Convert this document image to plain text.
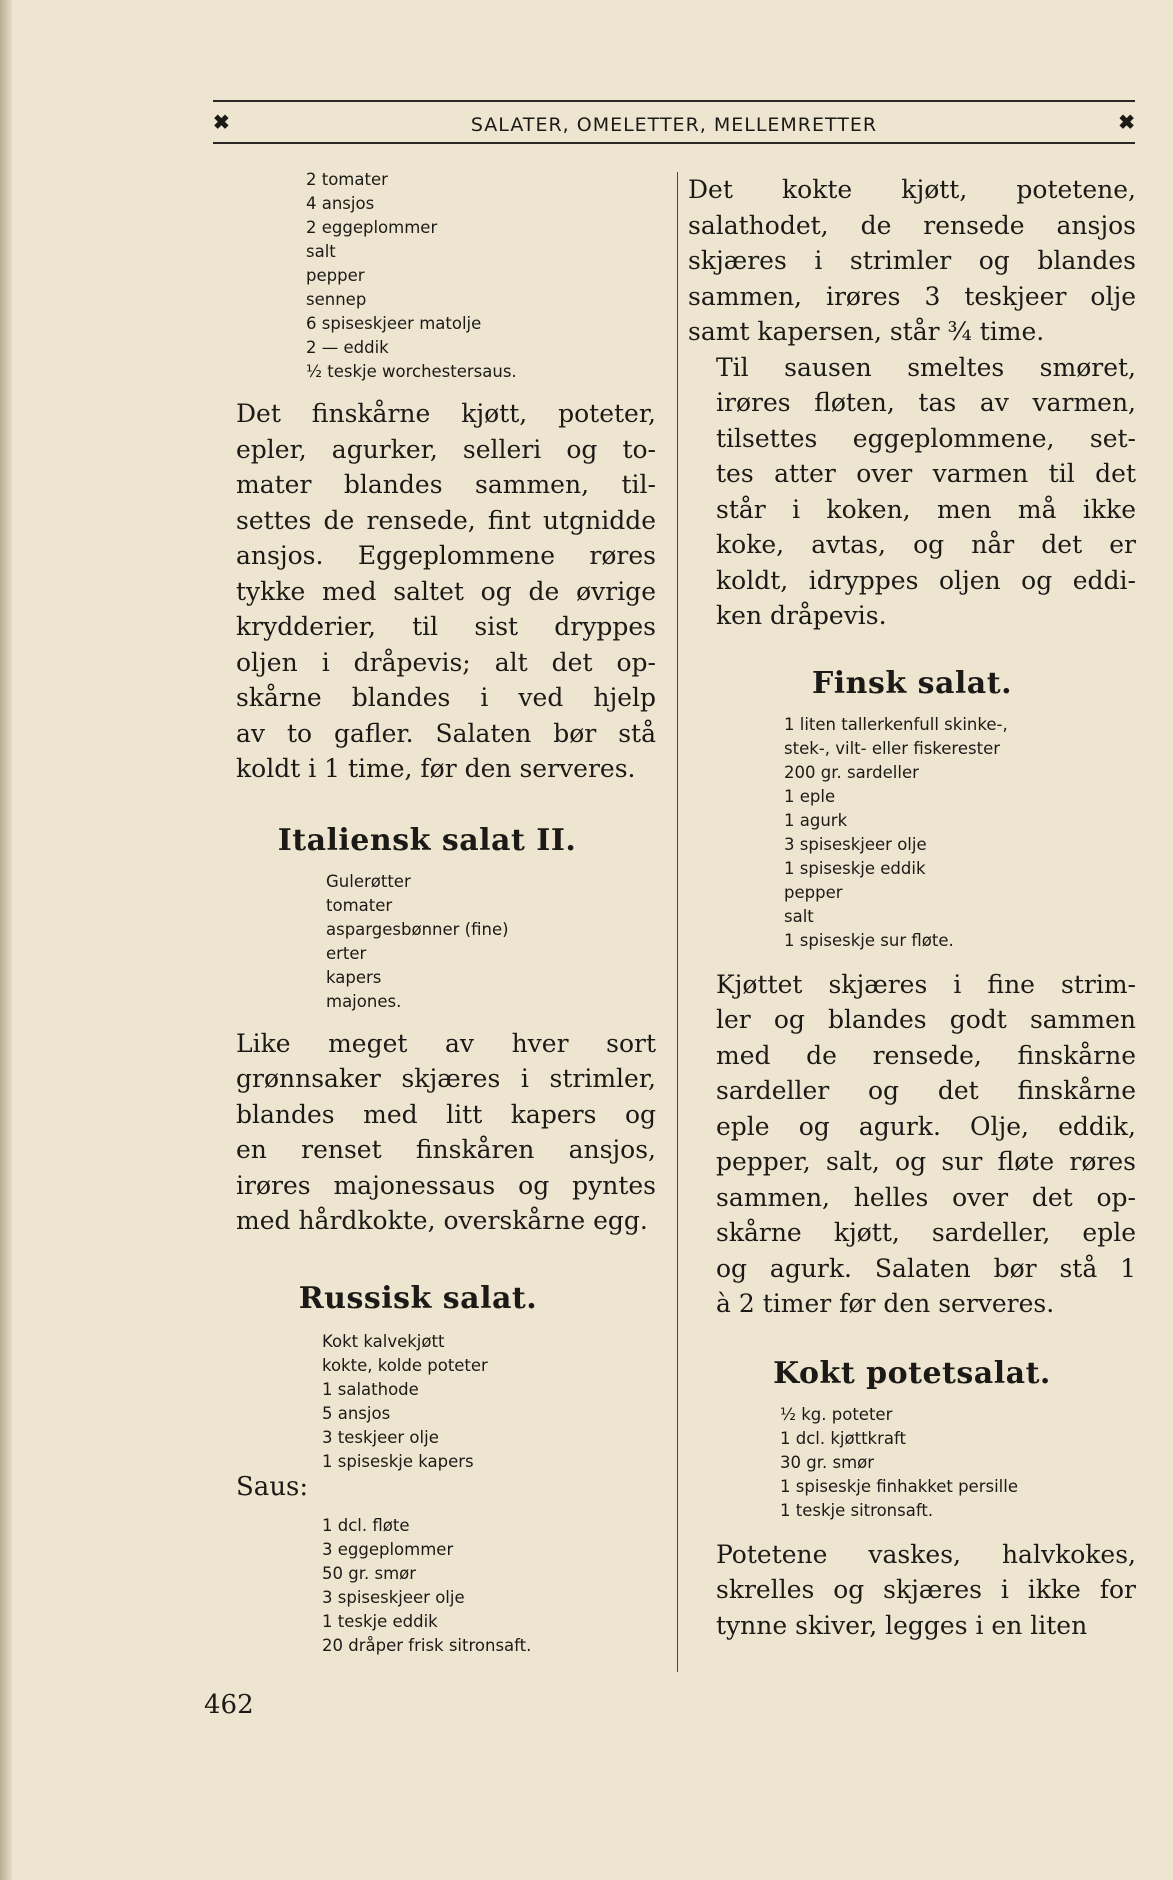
✖	SALATER, OMELETTER, MELLEMRETTER	✖
2 tomater
4 ansjos
2 eggeplommer
salt
pepper
sennep
6 spiseskjeer matolje
2 — eddik
½ teskje worchestersaus.
Det finskårne kjøtt, poteter,
epler, agurker, selleri og to-
mater blandes sammen, til-
settes de rensede, fint utgnidde
ansjos. Eggeplommene røres
tykke med saltet og de øvrige
krydderier, til sist dryppes
oljen i dråpevis; alt det op-
skårne blandes i ved hjelp
av to gafler. Salaten bør stå
koldt i 1 time, før den serveres.
Italiensk salat II.
Gulerøtter
tomater
aspargesbønner (fine)
erter
kapers
majones.
Like meget av hver sort
grønnsaker skjæres i strimler,
blandes med litt kapers og
en renset finskåren ansjos,
irøres majonessaus og pyntes
med hårdkokte, overskårne egg.
Russisk salat.
Kokt kalvekjøtt
kokte, kolde poteter
1 salathode
5 ansjos
3 teskjeer olje
1 spiseskje kapers
Saus:
1 dcl. fløte
3 eggeplommer
50 gr. smør
3 spiseskjeer olje
1 teskje eddik
20 dråper frisk sitronsaft.
Det kokte kjøtt, potetene,
salathodet, de rensede ansjos
skjæres i strimler og blandes
sammen, irøres 3 teskjeer olje
samt kapersen, står ¾ time.
Til sausen smeltes smøret,
irøres fløten, tas av varmen,
tilsettes eggeplommene, set-
tes atter over varmen til det
står i koken, men må ikke
koke, avtas, og når det er
koldt, idryppes oljen og eddi-
ken dråpevis.
Finsk salat.
1 liten tallerkenfull skinke-,
stek-, vilt- eller fiskerester
200 gr. sardeller
1 eple
1 agurk
3 spiseskjeer olje
1 spiseskje eddik
pepper
salt
1 spiseskje sur fløte.
Kjøttet skjæres i fine strim-
ler og blandes godt sammen
med de rensede, finskårne
sardeller og det finskårne
eple og agurk. Olje, eddik,
pepper, salt, og sur fløte røres
sammen, helles over det op-
skårne kjøtt, sardeller, eple
og agurk. Salaten bør stå 1
à 2 timer før den serveres.
Kokt potetsalat.
½ kg. poteter
1 dcl. kjøttkraft
30 gr. smør
1 spiseskje finhakket persille
1 teskje sitronsaft.
Potetene vaskes, halvkokes,
skrelles og skjæres i ikke for
tynne skiver, legges i en liten
462
